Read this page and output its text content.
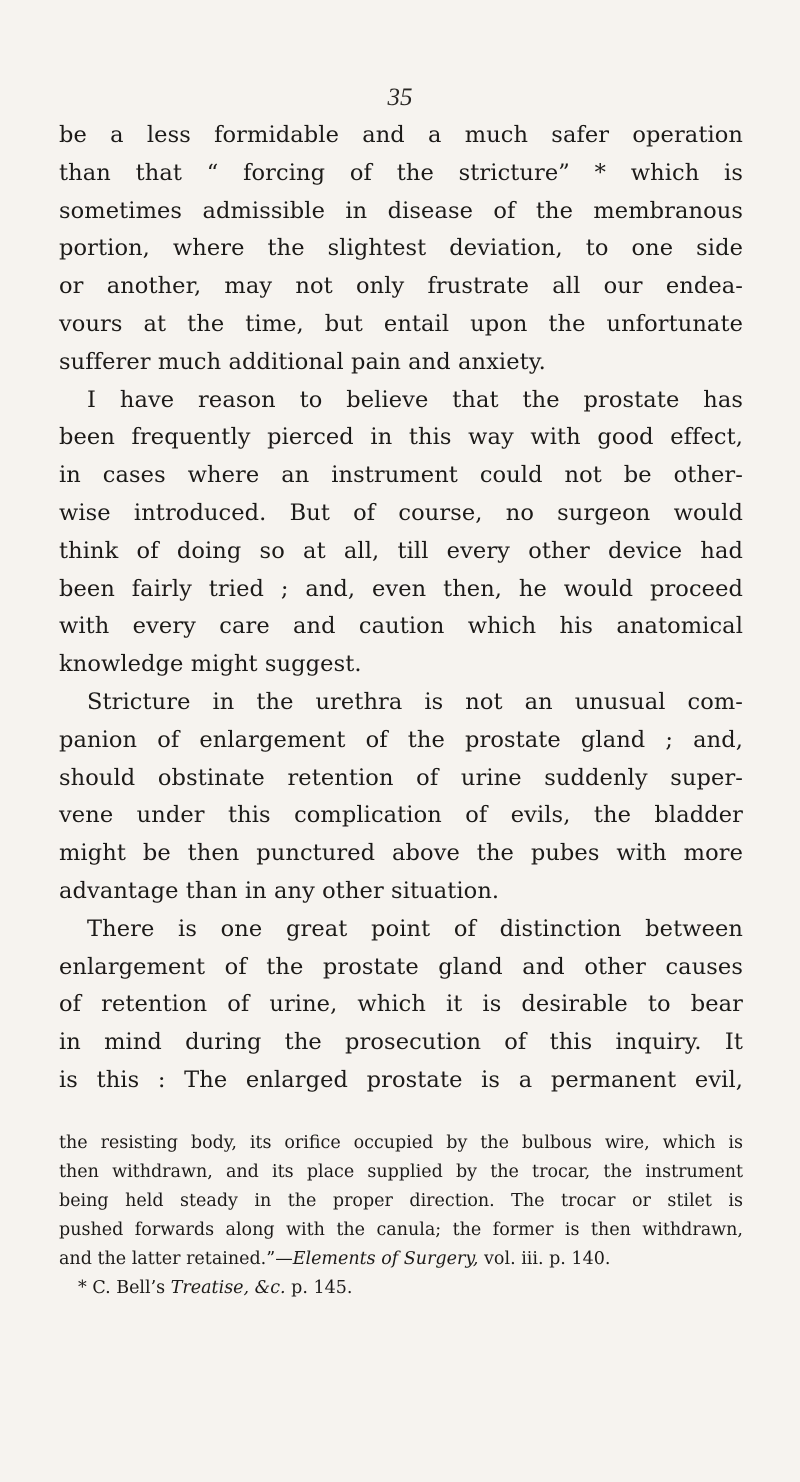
35
be a less formidable and a much safer operation
than that “ forcing of the stricture” * which is
sometimes admissible in disease of the membranous
portion, where the slightest deviation, to one side
or another, may not only frustrate all our endea-
vours at the time, but entail upon the unfortunate
sufferer much additional pain and anxiety.
I have reason to believe that the prostate has
been frequently pierced in this way with good effect,
in cases where an instrument could not be other-
wise introduced. But of course, no surgeon would
think of doing so at all, till every other device had
been fairly tried ; and, even then, he would proceed
with every care and caution which his anatomical
knowledge might suggest.
Stricture in the urethra is not an unusual com-
panion of enlargement of the prostate gland ; and,
should obstinate retention of urine suddenly super-
vene under this complication of evils, the bladder
might be then punctured above the pubes with more
advantage than in any other situation.
There is one great point of distinction between
enlargement of the prostate gland and other causes
of retention of urine, which it is desirable to bear
in mind during the prosecution of this inquiry. It
is this : The enlarged prostate is a permanent evil,
the resisting body, its orifice occupied by the bulbous wire, which is
then withdrawn, and its place supplied by the trocar, the instrument
being held steady in the proper direction. The trocar or stilet is
pushed forwards along with the canula; the former is then withdrawn,
and the latter retained.”—Elements of Surgery, vol. iii. p. 140.
* C. Bell’s Treatise, &c. p. 145.
